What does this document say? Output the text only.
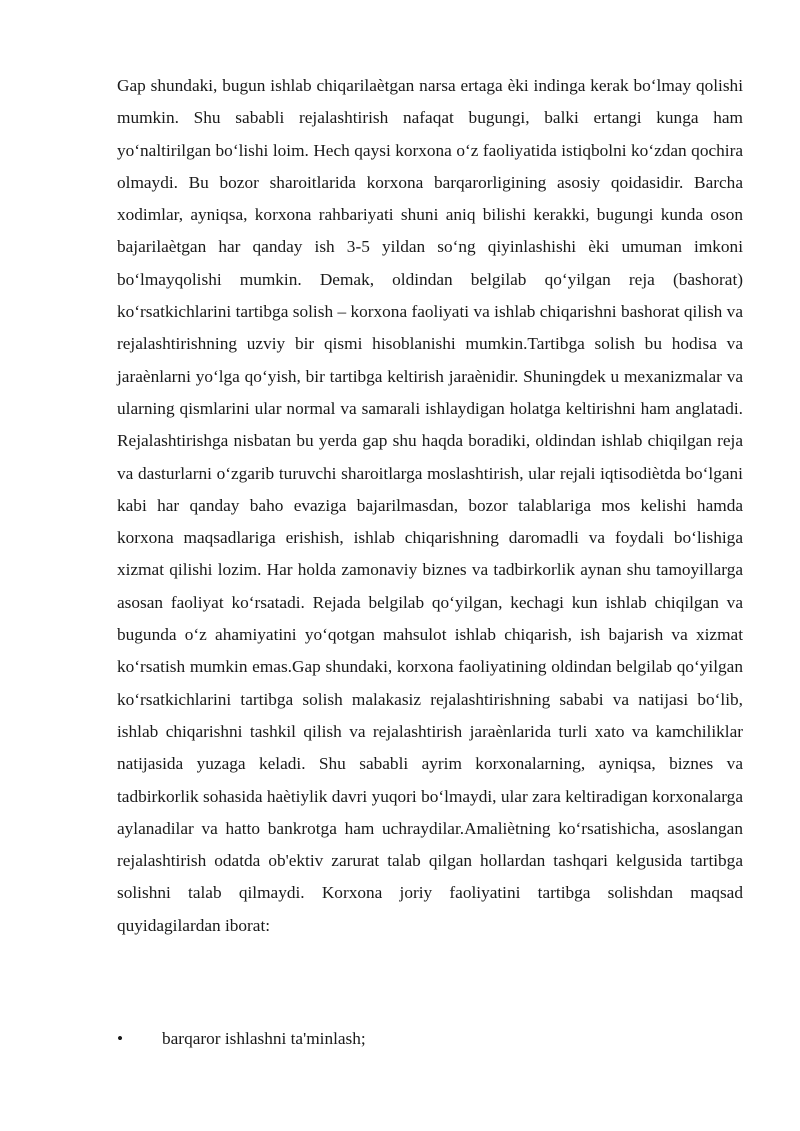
Gap shundaki, bugun ishlab chiqarilaètgan narsa ertaga èki indinga kerak boʻlmay qolishi mumkin. Shu sababli rejalashtirish nafaqat bugungi, balki ertangi kunga ham yoʻnaltirilgan boʻlishi loim. Hech qaysi korxona oʻz faoliyatida istiqbolni koʻzdan qochira olmaydi. Bu bozor sharoitlarida korxona barqarorligining asosiy qoidasidir. Barcha xodimlar, ayniqsa, korxona rahbariyati shuni aniq bilishi kerakki, bugungi kunda oson bajarilaètgan har qanday ish 3-5 yildan soʻng qiyinlashishi èki umuman imkoni boʻlmayqolishi mumkin. Demak, oldindan belgilab qoʻyilgan reja (bashorat) koʻrsatkichlarini tartibga solish – korxona faoliyati va ishlab chiqarishni bashorat qilish va rejalashtirishning uzviy bir qismi hisoblanishi mumkin.Tartibga solish bu hodisa va jaraènlarni yoʻlga qoʻyish, bir tartibga keltirish jaraènidir. Shuningdek u mexanizmalar va ularning qismlarini ular normal va samarali ishlaydigan holatga keltirishni ham anglatadi. Rejalashtirishga nisbatan bu yerda gap shu haqda boradiki, oldindan ishlab chiqilgan reja va dasturlarni oʻzgarib turuvchi sharoitlarga moslashtirish, ular rejali iqtisodiètda boʻlgani kabi har qanday baho evaziga bajarilmasdan, bozor talablariga mos kelishi hamda korxona maqsadlariga erishish, ishlab chiqarishning daromadli va foydali boʻlishiga xizmat qilishi lozim. Har holda zamonaviy biznes va tadbirkorlik aynan shu tamoyillarga asosan faoliyat koʻrsatadi. Rejada belgilab qoʻyilgan, kechagi kun ishlab chiqilgan va bugunda oʻz ahamiyatini yoʻqotgan mahsulot ishlab chiqarish, ish bajarish va xizmat koʻrsatish mumkin emas.Gap shundaki, korxona faoliyatining oldindan belgilab qoʻyilgan koʻrsatkichlarini tartibga solish malakasiz rejalashtirishning sababi va natijasi boʻlib, ishlab chiqarishni tashkil qilish va rejalashtirish jaraènlarida turli xato va kamchiliklar natijasida yuzaga keladi. Shu sababli ayrim korxonalarning, ayniqsa, biznes va tadbirkorlik sohasida haètiylik davri yuqori boʻlmaydi, ular zara keltiradigan korxonalarga aylanadilar va hatto bankrotga ham uchraydilar.Amaliètning koʻrsatishicha, asoslangan rejalashtirish odatda ob'ektiv zarurat talab qilgan hollardan tashqari kelgusida tartibga solishni talab qilmaydi. Korxona joriy faoliyatini tartibga solishdan maqsad quyidagilardan iborat:

•	barqaror ishlashni ta'minlash;
